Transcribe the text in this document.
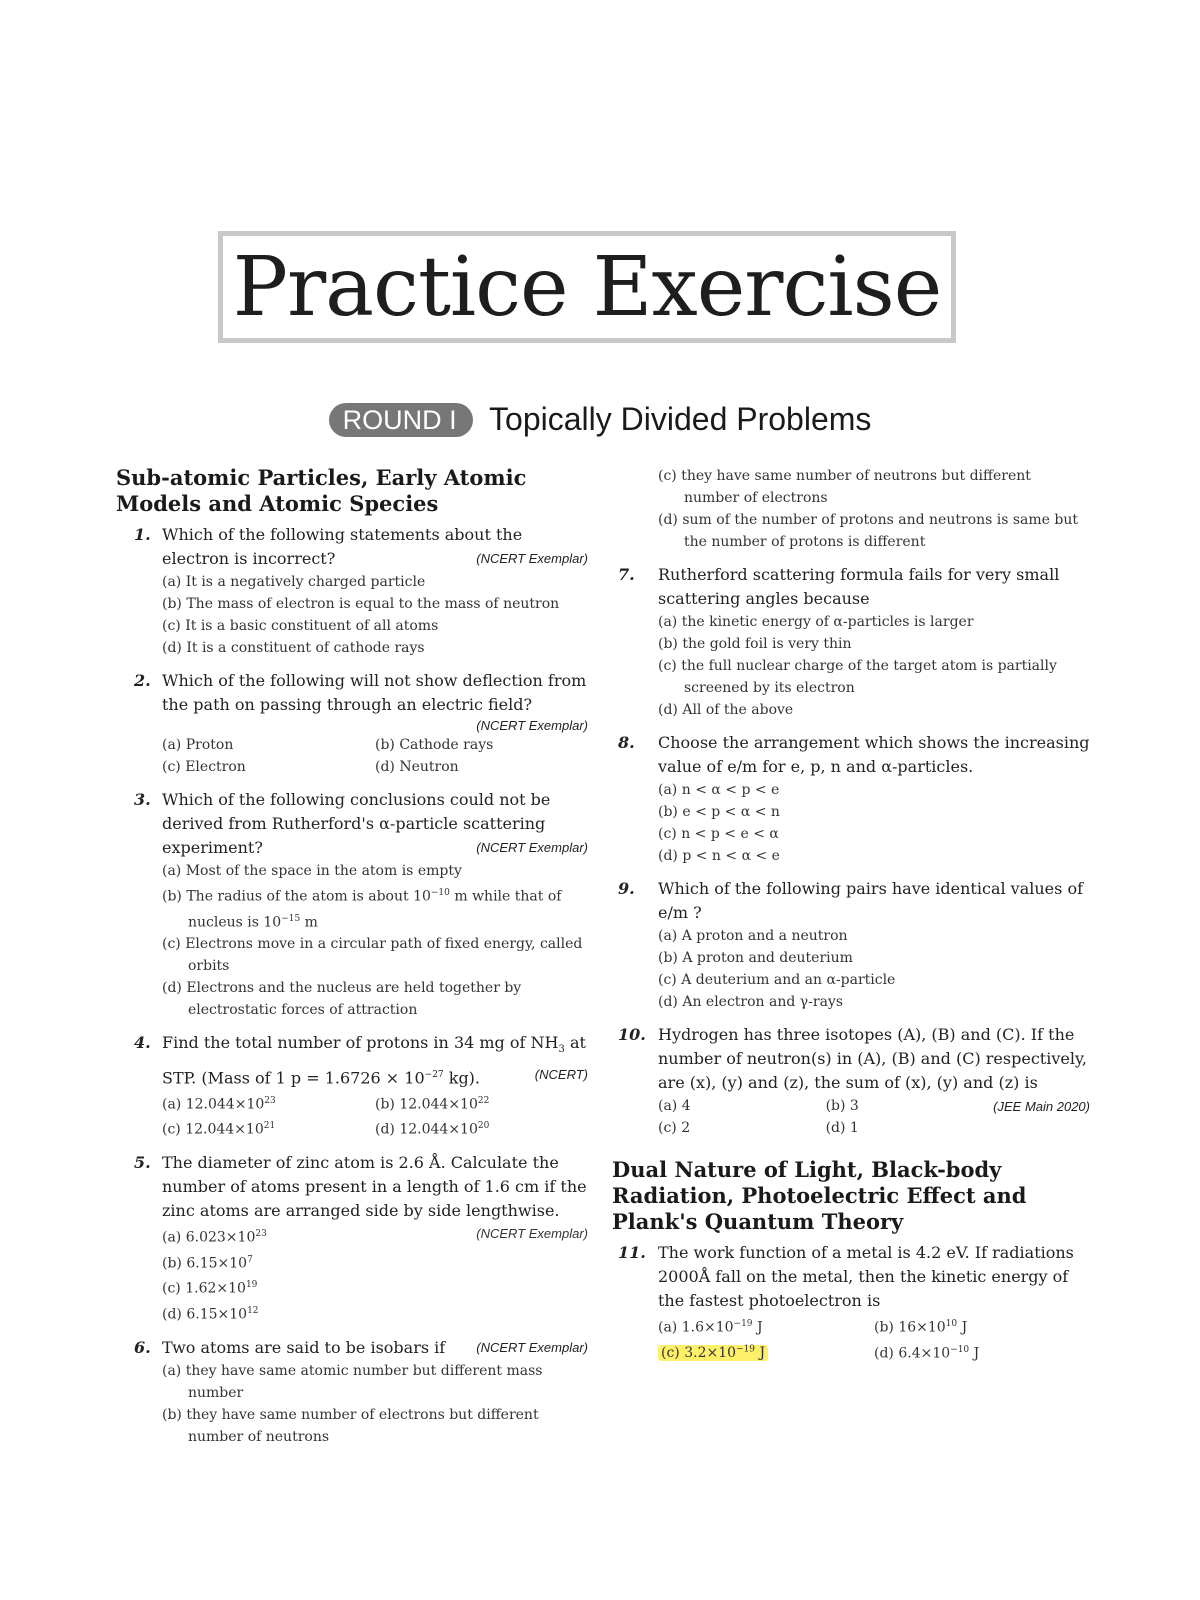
Practice Exercise
ROUND I Topically Divided Problems
Sub-atomic Particles, Early Atomic Models and Atomic Species
1. Which of the following statements about the electron is incorrect?	(NCERT Exemplar)
(a) It is a negatively charged particle
(b) The mass of electron is equal to the mass of neutron
(c) It is a basic constituent of all atoms
(d) It is a constituent of cathode rays
2. Which of the following will not show deflection from the path on passing through an electric field?
(NCERT Exemplar)
(a) Proton	(b) Cathode rays
(c) Electron	(d) Neutron
3. Which of the following conclusions could not be derived from Rutherford's α-particle scattering experiment?	(NCERT Exemplar)
(a) Most of the space in the atom is empty
(b) The radius of the atom is about $10^{-10}$ m while that of nucleus is $10^{-15}$ m
(c) Electrons move in a circular path of fixed energy, called orbits
(d) Electrons and the nucleus are held together by electrostatic forces of attraction
4. Find the total number of protons in 34 mg of $NH_3$ at STP. (Mass of 1 $p = 1.6726 \times 10^{-27}$ kg).	(NCERT)
(a) $12.044\times 10^{23}$	(b) $12.044\times 10^{22}$
(c) $12.044\times 10^{21}$	(d) $12.044\times 10^{20}$
5. The diameter of zinc atom is 2.6 Å. Calculate the number of atoms present in a length of 1.6 cm if the zinc atoms are arranged side by side lengthwise.
(a) $6.023\times 10^{23}$	(NCERT Exemplar)
(b) $6.15\times 10^7$
(c) $1.62\times 10^{19}$
(d) $6.15\times 10^{12}$
6. Two atoms are said to be isobars if (NCERT Exemplar)
(a) they have same atomic number but different mass number
(b) they have same number of electrons but different number of neutrons
(c) they have same number of neutrons but different number of electrons
(d) sum of the number of protons and neutrons is same but the number of protons is different
7. Rutherford scattering formula fails for very small scattering angles because
(a) the kinetic energy of α-particles is larger
(b) the gold foil is very thin
(c) the full nuclear charge of the target atom is partially screened by its electron
(d) All of the above
8. Choose the arrangement which shows the increasing value of e/m for e, p, n and α-particles.
(a) n < α < p < e
(b) e < p < α < n
(c) n < p < e < α
(d) p < n < α < e
9. Which of the following pairs have identical values of e/m ?
(a) A proton and a neutron
(b) A proton and deuterium
(c) A deuterium and an α-particle
(d) An electron and γ-rays
10. Hydrogen has three isotopes (A), (B) and (C). If the number of neutron(s) in (A), (B) and (C) respectively, are (x), (y) and (z), the sum of (x), (y) and (z) is
(JEE Main 2020)
(a) 4	(b) 3
(c) 2	(d) 1
Dual Nature of Light, Black-body Radiation, Photoelectric Effect and Plank's Quantum Theory
11. The work function of a metal is 4.2 eV. If radiations 2000Å fall on the metal, then the kinetic energy of the fastest photoelectron is
(a) $1.6\times 10^{-19}$ J	(b) $16\times 10^{10}$ J
(c) $3.2\times 10^{-19}$ J	(d) $6.4\times 10^{-10}$ J
